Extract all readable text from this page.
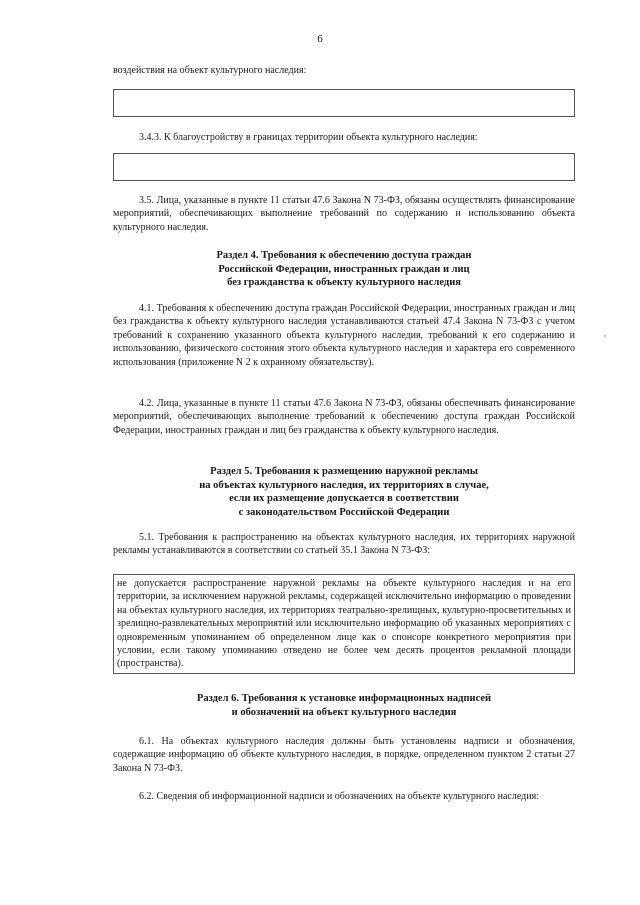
6
воздействия на объект культурного наследия:
3.4.3. К благоустройству в границах территории объекта культурного наследия:
3.5. Лица, указанные в пункте 11 статьи 47.6 Закона N 73-ФЗ, обязаны осуществлять финансирование мероприятий, обеспечивающих выполнение требований по содержанию и использованию объекта культурного наследия.
Раздел 4. Требования к обеспечению доступа граждан
Российской Федерации, иностранных граждан и лиц
без гражданства к объекту культурного наследия
4.1. Требования к обеспечению доступа граждан Российской Федерации, иностранных граждан и лиц без гражданства к объекту культурного наследия устанавливаются статьей 47.4 Закона N 73-ФЗ с учетом требований к сохранению указанного объекта культурного наследия, требований к его содержанию и использованию, физического состояния этого объекта культурного наследия и характера его современного использования (приложение N 2 к охранному обязательству).
'
4.2. Лица, указанные в пункте 11 статьи 47.6 Закона N 73-ФЗ, обязаны обеспечивать финансирование мероприятий, обеспечивающих выполнение требований к обеспечению доступа граждан Российской Федерации, иностранных граждан и лиц без гражданства к объекту культурного наследия.
Раздел 5. Требования к размещению наружной рекламы
на объектах культурного наследия, их территориях в случае,
если их размещение допускается в соответствии
с законодательством Российской Федерации
5.1. Требования к распространению на объектах культурного наследия, их территориях наружной рекламы устанавливаются в соответствии со статьей 35.1 Закона N 73-ФЗ:
не допускается распространение наружной рекламы на объекте культурного наследия и на его территории, за исключением наружной рекламы, содержащей исключительно информацию о проведении на объектах культурного наследия, их территориях театрально-зрелищных, культурно-просветительных и зрелищно-развлекательных мероприятий или исключительно информацию об указанных мероприятиях с одновременным упоминанием об определенном лице как о спонсоре конкретного мероприятия при условии, если такому упоминанию отведено не более чем десять процентов рекламной площади (пространства).
Раздел 6. Требования к установке информационных надписей
и обозначений на объект культурного наследия
6.1. На объектах культурного наследия должны быть установлены надписи и обозначения, содержащие информацию об объекте культурного наследия, в порядке, определенном пунктом 2 статьи 27 Закона N 73-ФЗ.
6.2. Сведения об информационной надписи и обозначениях на объекте культурного наследия:
